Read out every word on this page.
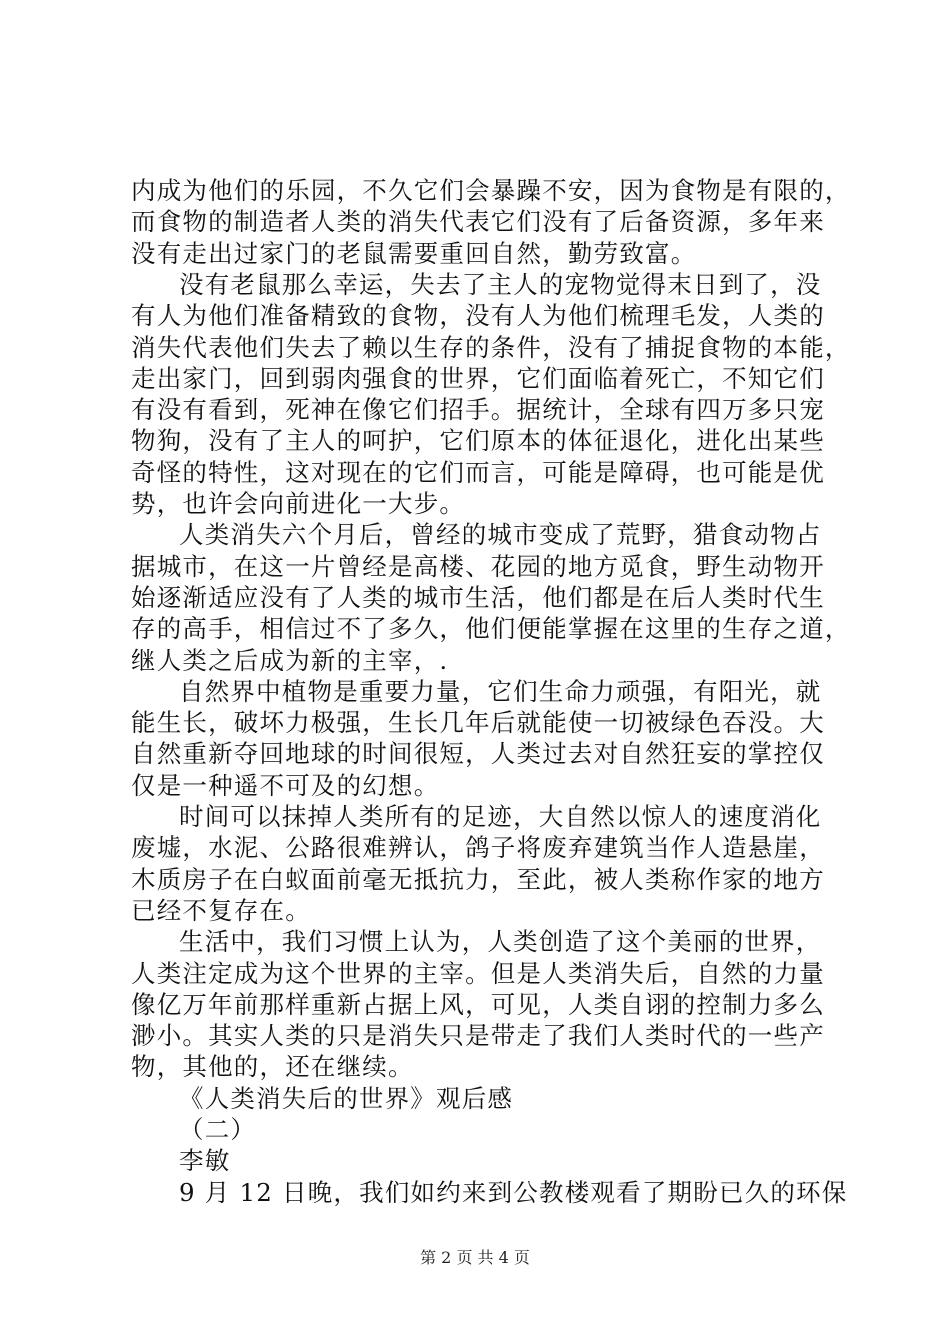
内成为他们的乐园，不久它们会暴躁不安，因为食物是有限的，
而食物的制造者人类的消失代表它们没有了后备资源，多年来
没有走出过家门的老鼠需要重回自然，勤劳致富。
没有老鼠那么幸运，失去了主人的宠物觉得末日到了，没
有人为他们准备精致的食物，没有人为他们梳理毛发，人类的
消失代表他们失去了赖以生存的条件，没有了捕捉食物的本能，
走出家门，回到弱肉强食的世界，它们面临着死亡，不知它们
有没有看到，死神在像它们招手。据统计，全球有四万多只宠
物狗，没有了主人的呵护，它们原本的体征退化，进化出某些
奇怪的特性，这对现在的它们而言，可能是障碍，也可能是优
势，也许会向前进化一大步。
人类消失六个月后，曾经的城市变成了荒野，猎食动物占
据城市，在这一片曾经是高楼、花园的地方觅食，野生动物开
始逐渐适应没有了人类的城市生活，他们都是在后人类时代生
存的高手，相信过不了多久，他们便能掌握在这里的生存之道，
继人类之后成为新的主宰，.
自然界中植物是重要力量，它们生命力顽强，有阳光，就
能生长，破坏力极强，生长几年后就能使一切被绿色吞没。大
自然重新夺回地球的时间很短，人类过去对自然狂妄的掌控仅
仅是一种遥不可及的幻想。
时间可以抹掉人类所有的足迹，大自然以惊人的速度消化
废墟，水泥、公路很难辨认，鸽子将废弃建筑当作人造悬崖，
木质房子在白蚁面前毫无抵抗力，至此，被人类称作家的地方
已经不复存在。
生活中，我们习惯上认为，人类创造了这个美丽的世界，
人类注定成为这个世界的主宰。但是人类消失后，自然的力量
像亿万年前那样重新占据上风，可见，人类自诩的控制力多么
渺小。其实人类的只是消失只是带走了我们人类时代的一些产
物，其他的，还在继续。
《人类消失后的世界》观后感
（二）
李敏
9 月 12 日晚，我们如约来到公教楼观看了期盼已久的环保
第 2 页 共 4 页
